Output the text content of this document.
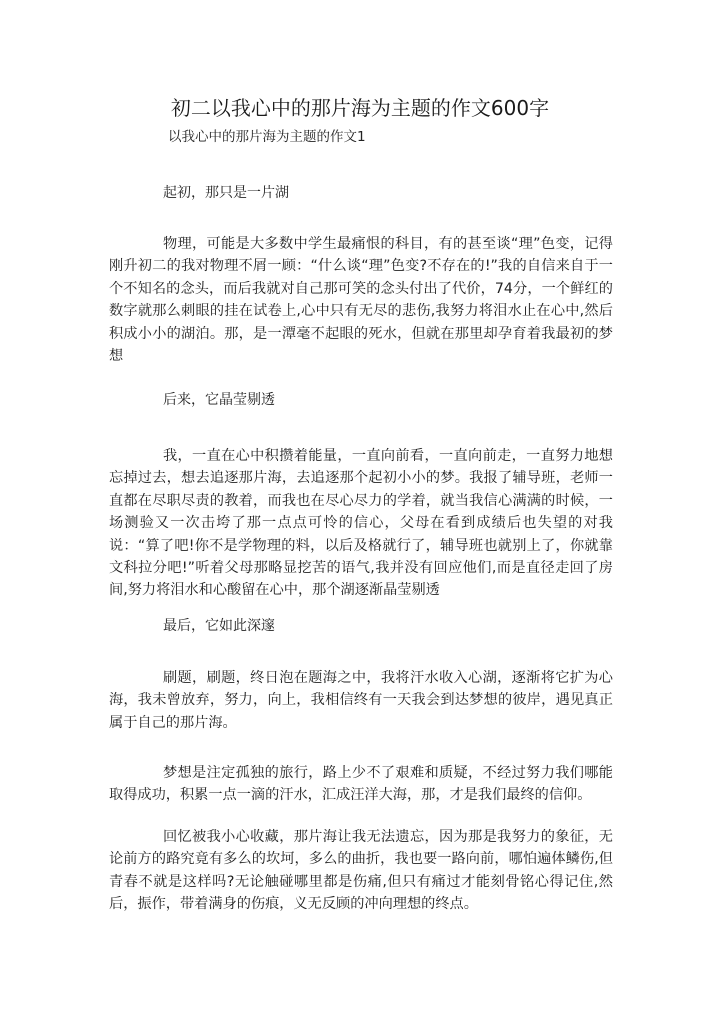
初二以我心中的那片海为主题的作文600字
以我心中的那片海为主题的作文1
起初，那只是一片湖
物理，可能是大多数中学生最痛恨的科目，有的甚至谈“理”色变，记得刚升初二的我对物理不屑一顾：“什么谈“理”色变?不存在的!”我的自信来自于一个不知名的念头，而后我就对自己那可笑的念头付出了代价，74分，一个鲜红的数字就那么刺眼的挂在试卷上,心中只有无尽的悲伤,我努力将泪水止在心中,然后积成小小的湖泊。那，是一潭毫不起眼的死水，但就在那里却孕育着我最初的梦想
后来，它晶莹剔透
我，一直在心中积攒着能量，一直向前看，一直向前走，一直努力地想忘掉过去，想去追逐那片海，去追逐那个起初小小的梦。我报了辅导班，老师一直都在尽职尽责的教着，而我也在尽心尽力的学着，就当我信心满满的时候，一场测验又一次击垮了那一点点可怜的信心，父母在看到成绩后也失望的对我说：“算了吧!你不是学物理的料，以后及格就行了，辅导班也就别上了，你就靠文科拉分吧!”听着父母那略显挖苦的语气,我并没有回应他们,而是直径走回了房间,努力将泪水和心酸留在心中，那个湖逐渐晶莹剔透
最后，它如此深邃
刷题，刷题，终日泡在题海之中，我将汗水收入心湖，逐渐将它扩为心海，我未曾放弃，努力，向上，我相信终有一天我会到达梦想的彼岸，遇见真正属于自己的那片海。
梦想是注定孤独的旅行，路上少不了艰难和质疑，不经过努力我们哪能取得成功，积累一点一滴的汗水，汇成汪洋大海，那，才是我们最终的信仰。
回忆被我小心收藏，那片海让我无法遗忘，因为那是我努力的象征，无论前方的路究竟有多么的坎坷，多么的曲折，我也要一路向前，哪怕遍体鳞伤,但青春不就是这样吗?无论触碰哪里都是伤痛,但只有痛过才能刻骨铭心得记住,然后，振作，带着满身的伤痕，义无反顾的冲向理想的终点。
